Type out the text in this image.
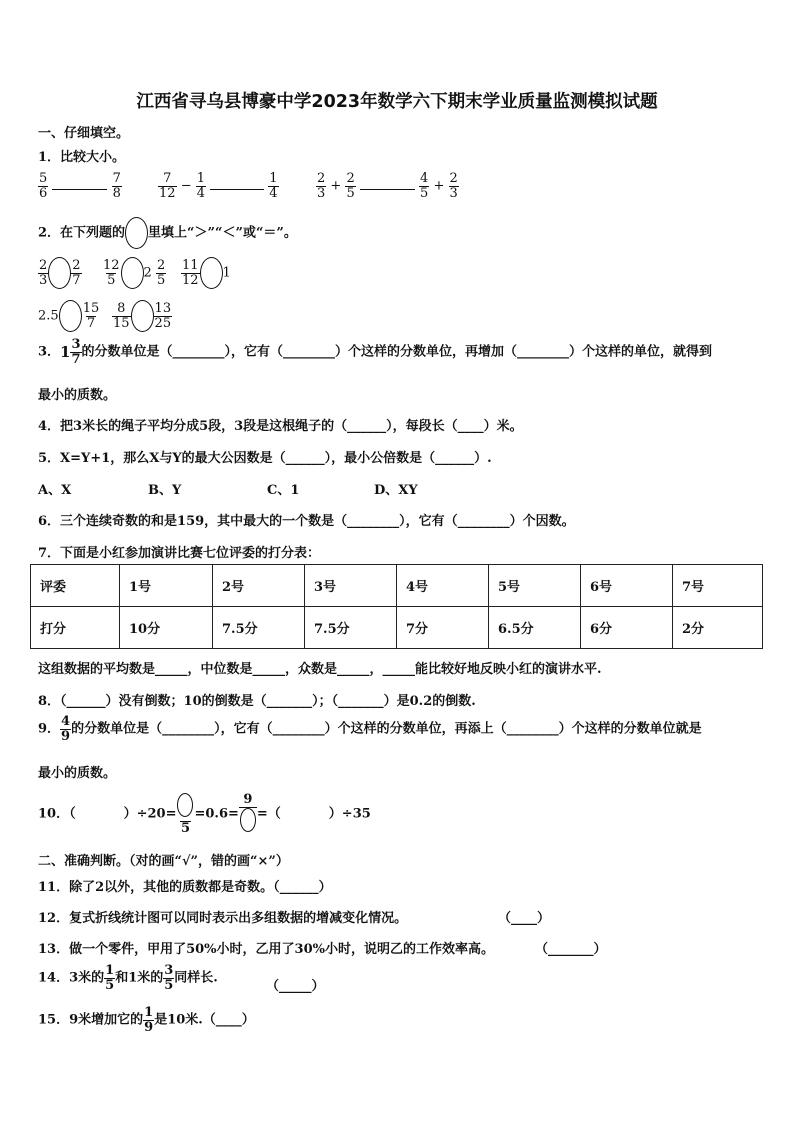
江西省寻乌县博豪中学2023年数学六下期末学业质量监测模拟试题
一、仔细填空。
1．比较大小。
$\frac{5}{6}$
	$\frac{7}{8}$	$\frac{7}{12} - \frac{1}{4}$
	$\frac{1}{4}$	$\frac{2}{3} + \frac{2}{5}$
	$\frac{4}{5} + \frac{2}{3}$
2．在下列题的 里填上“＞”“＜”或“＝”。
$\frac{2}{3} \frac{2}{7} \frac{12}{5} 2 \frac{2}{5} \frac{11}{12} 1$
$2.5 \frac{15}{7} \frac{8}{15} \frac{13}{25}$
3．$1 \frac{3}{7}$ 的分数单位是（________），它有（________）个这样的分数单位，再增加（________）个这样的单位，就得到
最小的质数。
4．把3米长的绳子平均分成5段，3段是这根绳子的（______），每段长（____）米。
5．X=Y+1，那么X与Y的最大公因数是（______），最小公倍数是（______）.
A、X	B、Y	C、1	D、XY
6．三个连续奇数的和是159，其中最大的一个数是（________），它有（________）个因数。
7．下面是小红参加演讲比赛七位评委的打分表：
评委	1号	2号	3号	4号	5号	6号	7号
打分	10分	7.5分	7.5分	7分	6.5分	6分	2分
这组数据的平均数是_____，中位数是_____，众数是_____，_____能比较好地反映小红的演讲水平.
8．（______）没有倒数；10的倒数是（_______）；（_______）是0.2的倒数.
9． $\frac{4}{9}$ 的分数单位是（________），它有（________）个这样的分数单位，再添上（________）个这样的分数单位就是
最小的质数。
10．（	）÷20=
5
=0.6=
9
=（	）÷35
二、准确判断。（对的画“√”，错的画“×”）
11．除了2以外，其他的质数都是奇数。（______）
12．复式折线统计图可以同时表示出多组数据的增减变化情况。	（____）
13．做一个零件，甲用了50%小时，乙用了30%小时，说明乙的工作效率高。	（_______）
14．3米的 $\frac{1}{5}$ 和1米的 $\frac{3}{5}$ 同样长.
（_____）
15．9米增加它的 $\frac{1}{9}$ 是10米.（____）
